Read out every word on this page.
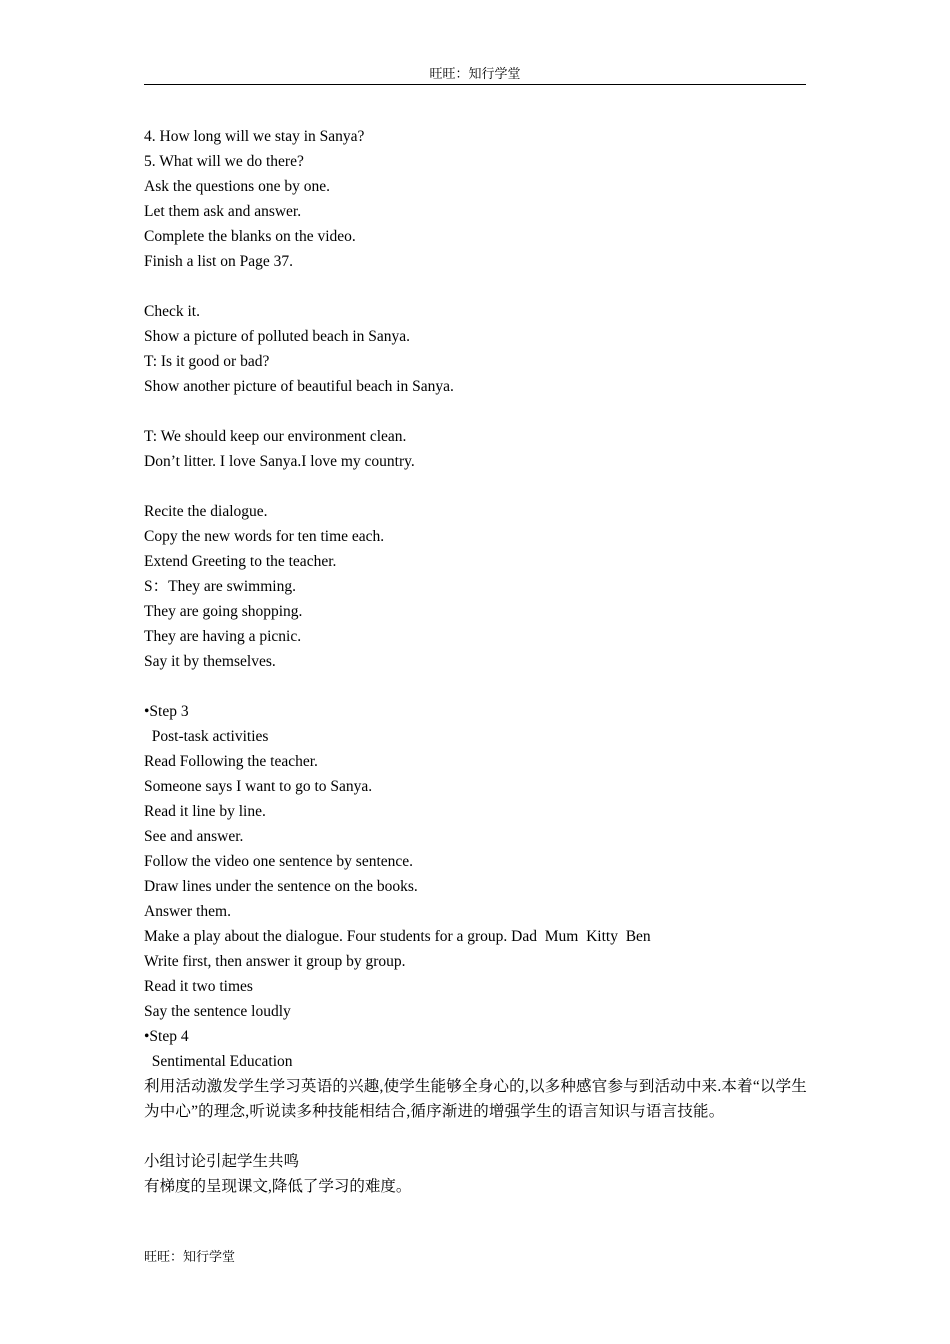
旺旺：知行学堂
4. How long will we stay in Sanya?
5. What will we do there?
Ask the questions one by one.
Let them ask and answer.
Complete the blanks on the video.
Finish a list on Page 37.
Check it.
Show a picture of polluted beach in Sanya.
T: Is it good or bad?
Show another picture of beautiful beach in Sanya.
T: We should keep our environment clean.
Don’t litter. I love Sanya.I love my country.
Recite the dialogue.
Copy the new words for ten time each.
Extend Greeting to the teacher.
S：They are swimming.
They are going shopping.
They are having a picnic.
Say it by themselves.
•Step 3
Post-task activities
Read Following the teacher.
Someone says I want to go to Sanya.
Read it line by line.
See and answer.
Follow the video one sentence by sentence.
Draw lines under the sentence on the books.
Answer them.
Make a play about the dialogue. Four students for a group. Dad  Mum  Kitty  Ben
Write first, then answer it group by group.
Read it two times
Say the sentence loudly
•Step 4
Sentimental Education
利用活动激发学生学习英语的兴趣,使学生能够全身心的,以多种感官参与到活动中来.本着“以学生为中心”的理念,听说读多种技能相结合,循序渐进的增强学生的语言知识与语言技能。
小组讨论引起学生共鸣
有梯度的呈现课文,降低了学习的难度。
旺旺：知行学堂
